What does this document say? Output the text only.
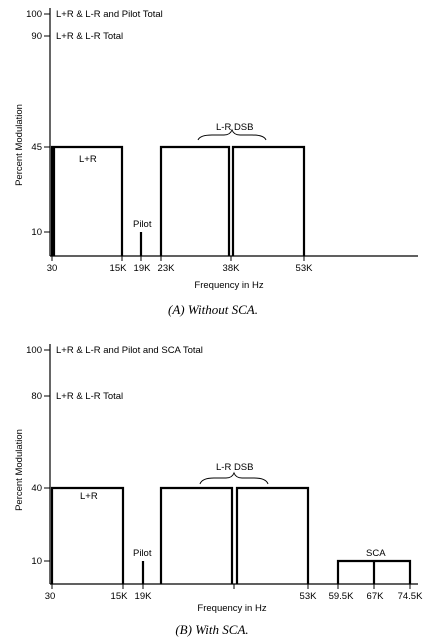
100
90
45
10
L+R & L-R and Pilot Total
L+R & L-R Total
Percent Modulation	L+R
Pilot
L-R DSB
30	15K 19K 23K	38K	53K
Frequency in Hz
(A) Without SCA.
100
80
40
10
L+R & L-R and Pilot and SCA Total
L+R & L-R Total
Percent Modulation	L+R
Pilot
L-R DSB
SCA
30	15K 19K	53K 59.5K 67K 74.5K
Frequency in Hz
(B) With SCA.
